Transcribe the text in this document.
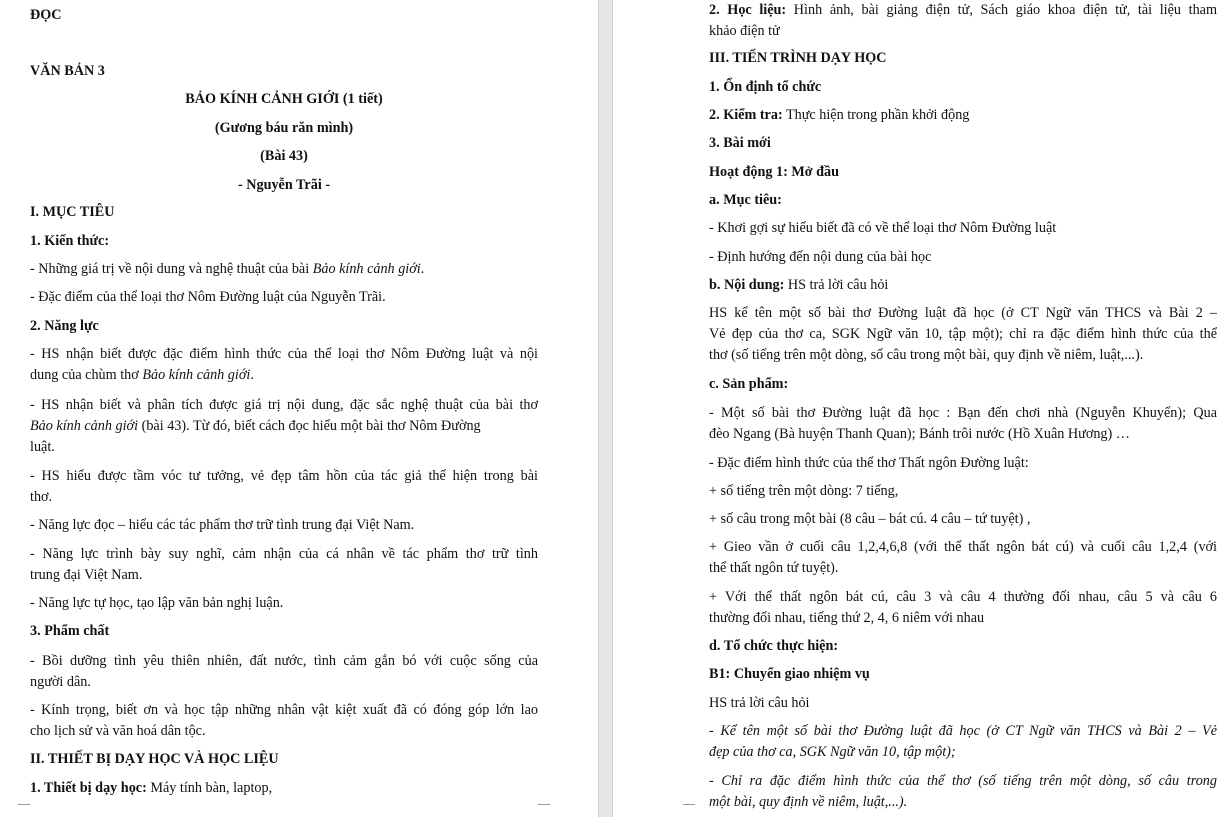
ĐỌC
VĂN BẢN 3
BẢO KÍNH CẢNH GIỚI (1 tiết)
(Gương báu răn mình)
(Bài 43)
- Nguyễn Trãi -
I. MỤC TIÊU
1. Kiến thức:
- Những giá trị về nội dung và nghệ thuật của bài Bảo kính cảnh giới.
- Đặc điểm của thể loại thơ Nôm Đường luật của Nguyễn Trãi.
2. Năng lực
- HS nhận biết được đặc điểm hình thức của thể loại thơ Nôm Đường luật và nội
dung của chùm thơ Bảo kính cảnh giới.
- HS nhận biết và phân tích được giá trị nội dung, đặc sắc nghệ thuật của bài thơ
Bảo kính cảnh giới (bài 43). Từ đó, biết cách đọc hiểu một bài thơ Nôm Đường
luật.
- HS hiểu được tầm vóc tư tưởng, vẻ đẹp tâm hồn của tác giả thể hiện trong bài
thơ.
- Năng lực đọc – hiểu các tác phẩm thơ trữ tình trung đại Việt Nam.
- Năng lực trình bày suy nghĩ, cảm nhận của cá nhân về tác phẩm thơ trữ tình
trung đại Việt Nam.
- Năng lực tự học, tạo lập văn bản nghị luận.
3. Phẩm chất
- Bồi dưỡng tình yêu thiên nhiên, đất nước, tình cảm gắn bó với cuộc sống của
người dân.
- Kính trọng, biết ơn và học tập những nhân vật kiệt xuất đã có đóng góp lớn lao
cho lịch sử và văn hoá dân tộc.
II. THIẾT BỊ DẠY HỌC VÀ HỌC LIỆU
1. Thiết bị dạy học: Máy tính bàn, laptop,
2. Học liệu: Hình ảnh, bài giảng điện tử, Sách giáo khoa điện tử, tài liệu tham
khảo điện tử
III. TIẾN TRÌNH DẠY HỌC
1. Ổn định tổ chức
2. Kiểm tra: Thực hiện trong phần khởi động
3. Bài mới
Hoạt động 1: Mở đầu
a. Mục tiêu:
- Khơi gợi sự hiểu biết đã có về thể loại thơ Nôm Đường luật
- Định hướng đến nội dung của bài học
b. Nội dung: HS trả lời câu hỏi
HS kể tên một số bài thơ Đường luật đã học (ở CT Ngữ văn THCS và Bài 2 –
Vẻ đẹp của thơ ca, SGK Ngữ văn 10, tập một); chỉ ra đặc điểm hình thức của thể
thơ (số tiếng trên một dòng, số câu trong một bài, quy định về niêm, luật,...).
c. Sản phẩm:
- Một số bài thơ Đường luật đã học : Bạn đến chơi nhà (Nguyễn Khuyến); Qua
đèo Ngang (Bà huyện Thanh Quan); Bánh trôi nước (Hồ Xuân Hương) …
- Đặc điểm hình thức của thể thơ Thất ngôn Đường luật:
+ số tiếng trên một dòng: 7 tiếng,
+ số câu trong một bài (8 câu – bát cú. 4 câu – tứ tuyệt) ,
+ Gieo vần ở cuối câu 1,2,4,6,8 (với thể thất ngôn bát cú) và cuối câu 1,2,4 (với
thể thất ngôn tứ tuyệt).
+ Với thể thất ngôn bát cú, câu 3 và câu 4 thường đối nhau, câu 5 và câu 6
thường đối nhau, tiếng thứ 2, 4, 6 niêm với nhau
d. Tổ chức thực hiện:
B1: Chuyển giao nhiệm vụ
HS trả lời câu hỏi
- Kể tên một số bài thơ Đường luật đã học (ở CT Ngữ văn THCS và Bài 2 – Vẻ
đẹp của thơ ca, SGK Ngữ văn 10, tập một);
- Chỉ ra đặc điểm hình thức của thể thơ (số tiếng trên một dòng, số câu trong
một bài, quy định về niêm, luật,...).
